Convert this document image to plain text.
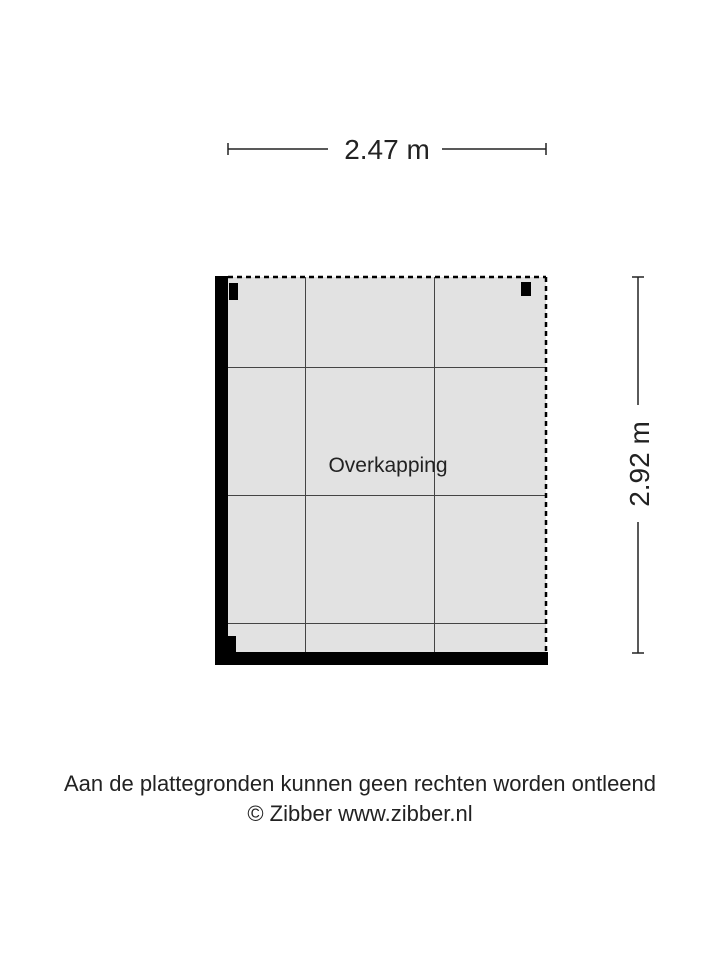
2.47 m
2.92 m
Overkapping
Aan de plattegronden kunnen geen rechten worden ontleend
© Zibber www.zibber.nl
